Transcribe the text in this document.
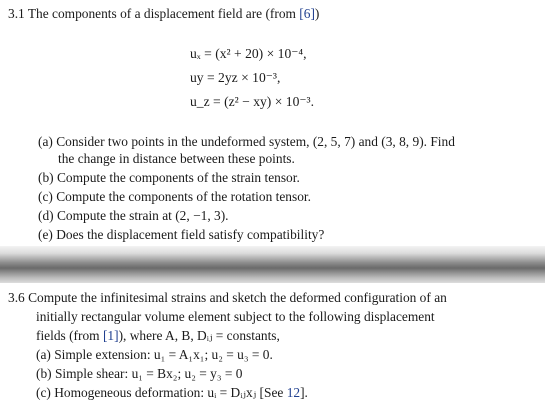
3.1 The components of a displacement field are (from [6])
uₓ = (x² + 20) × 10⁻⁴,
uy = 2yz × 10⁻³,
u_z = (z² − xy) × 10⁻³.
(a) Consider two points in the undeformed system, (2, 5, 7) and (3, 8, 9). Find
the change in distance between these points.
(b) Compute the components of the strain tensor.
(c) Compute the components of the rotation tensor.
(d) Compute the strain at (2, −1, 3).
(e) Does the displacement field satisfy compatibility?
3.6 Compute the infinitesimal strains and sketch the deformed configuration of an
initially rectangular volume element subject to the following displacement
fields (from [1]), where A, B, Dᵢⱼ = constants,
(a) Simple extension: u₁ = A₁x₁; u₂ = u₃ = 0.
(b) Simple shear: u₁ = Bx₂; u₂ = y₃ = 0
(c) Homogeneous deformation: uᵢ = Dᵢⱼxⱼ [See 12].
